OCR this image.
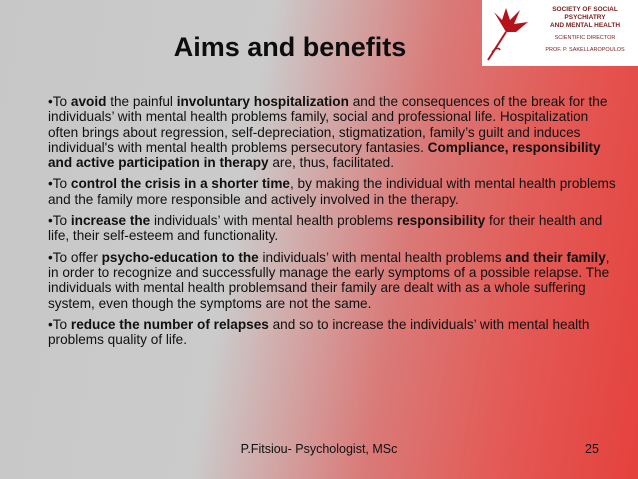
SOCIETY OF SOCIAL PSYCHIATRY
AND MENTAL HEALTH
SCIENTIFIC DIRECTOR
PROF. P. SAKELLAROPOULOS
Aims and benefits

•To avoid the painful involuntary hospitalization and the consequences of the break for the individuals’ with mental health problems family, social and professional life. Hospitalization often brings about regression, self-depreciation, stigmatization, family’s guilt and induces individual's with mental health problems persecutory fantasies. Compliance, responsibility and active participation in therapy are, thus, facilitated.

•To control the crisis in a shorter time, by making the individual with mental health problems and the family more responsible and actively involved in the therapy.

•To increase the individuals’ with mental health problems responsibility for their health and life, their self-esteem and functionality.

•To offer psycho-education to the individuals’ with mental health problems and their family, in order to recognize and successfully manage the early symptoms of a possible relapse. The individuals with mental health problemsand their family are dealt with as a whole suffering system, even though the symptoms are not the same.

•To reduce the number of relapses and so to increase the individuals’ with mental health problems quality of life.

P.Fitsiou- Psychologist, MSc	25
